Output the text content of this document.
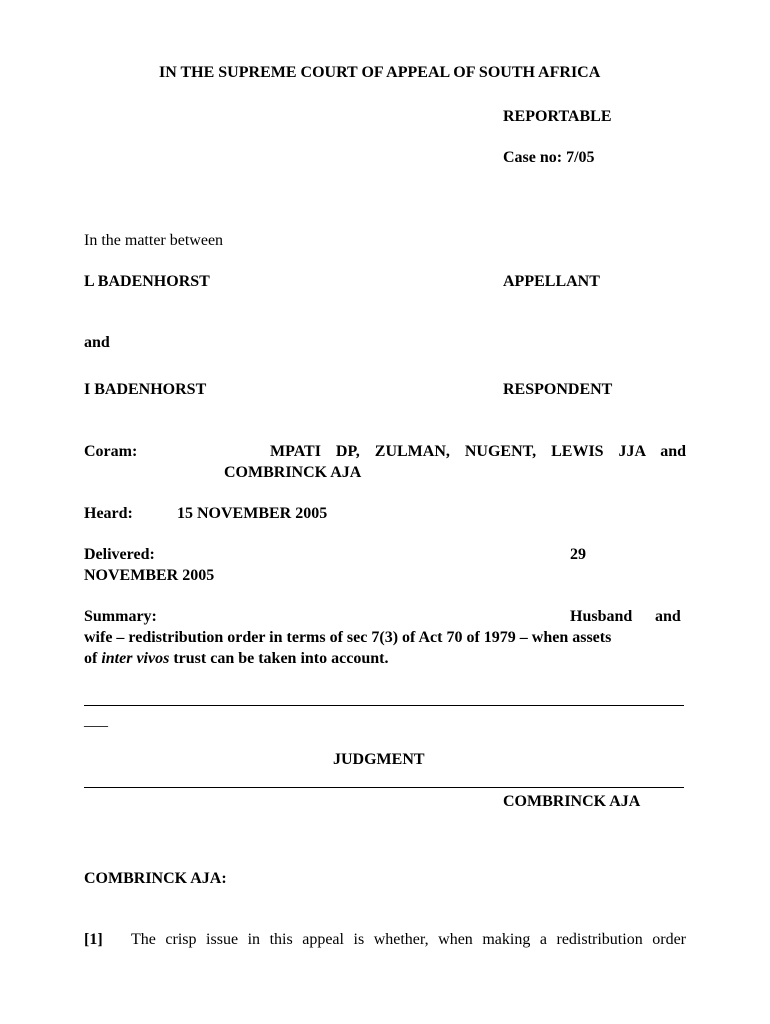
IN THE SUPREME COURT OF APPEAL OF SOUTH AFRICA
REPORTABLE
Case no: 7/05
In the matter between
L BADENHORST	APPELLANT
and
I BADENHORST	RESPONDENT
Coram:	MPATI DP, ZULMAN, NUGENT, LEWIS JJA and
COMBRINCK AJA
Heard:	15 NOVEMBER 2005
Delivered:	29
NOVEMBER 2005
Summary:	Husband and
wife – redistribution order in terms of sec 7(3) of Act 70 of 1979 – when assets
of inter vivos trust can be taken into account.
___
JUDGMENT
COMBRINCK AJA
COMBRINCK AJA:
[1] The crisp issue in this appeal is whether, when making a redistribution order
